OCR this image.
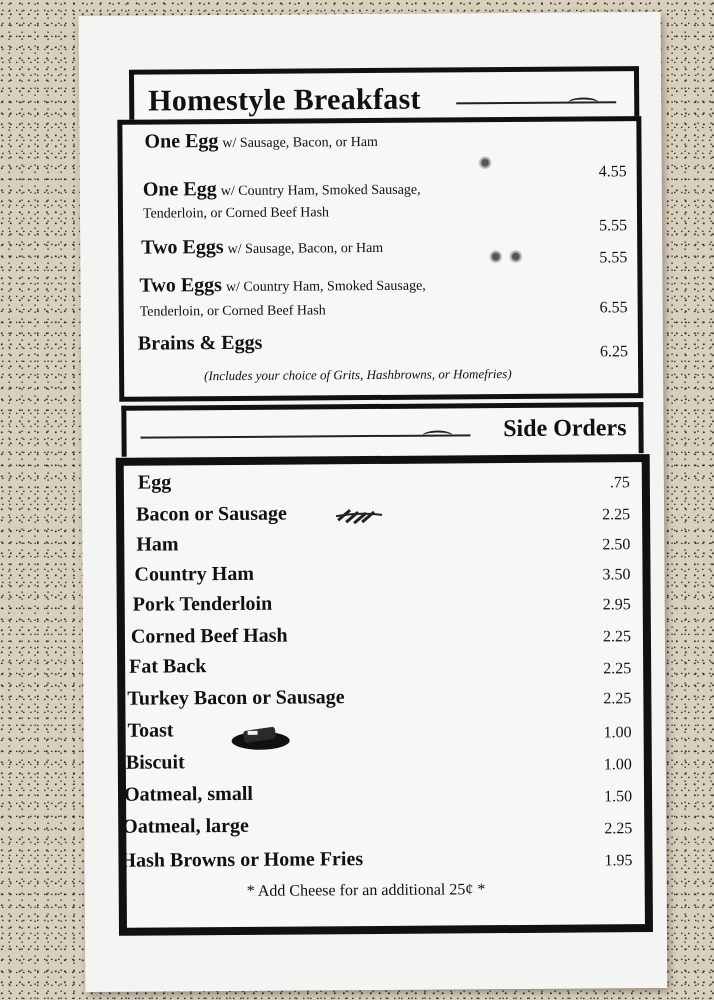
Homestyle Breakfast
One Egg w/ Sausage, Bacon, or Ham
4.55
One Egg w/ Country Ham, Smoked Sausage,
Tenderloin, or Corned Beef Hash
5.55
Two Eggs w/ Sausage, Bacon, or Ham
5.55
Two Eggs w/ Country Ham, Smoked Sausage,
Tenderloin, or Corned Beef Hash	6.55
Brains & Eggs	6.25
(Includes your choice of Grits, Hashbrowns, or Homefries)
Side Orders
Egg	.75
Bacon or Sausage	2.25
Ham	2.50
Country Ham	3.50
Pork Tenderloin	2.95
Corned Beef Hash	2.25
Fat Back	2.25
Turkey Bacon or Sausage	2.25
Toast	1.00
Biscuit	1.00
Oatmeal, small	1.50
Oatmeal, large	2.25
Hash Browns or Home Fries	1.95
* Add Cheese for an additional 25¢ *
